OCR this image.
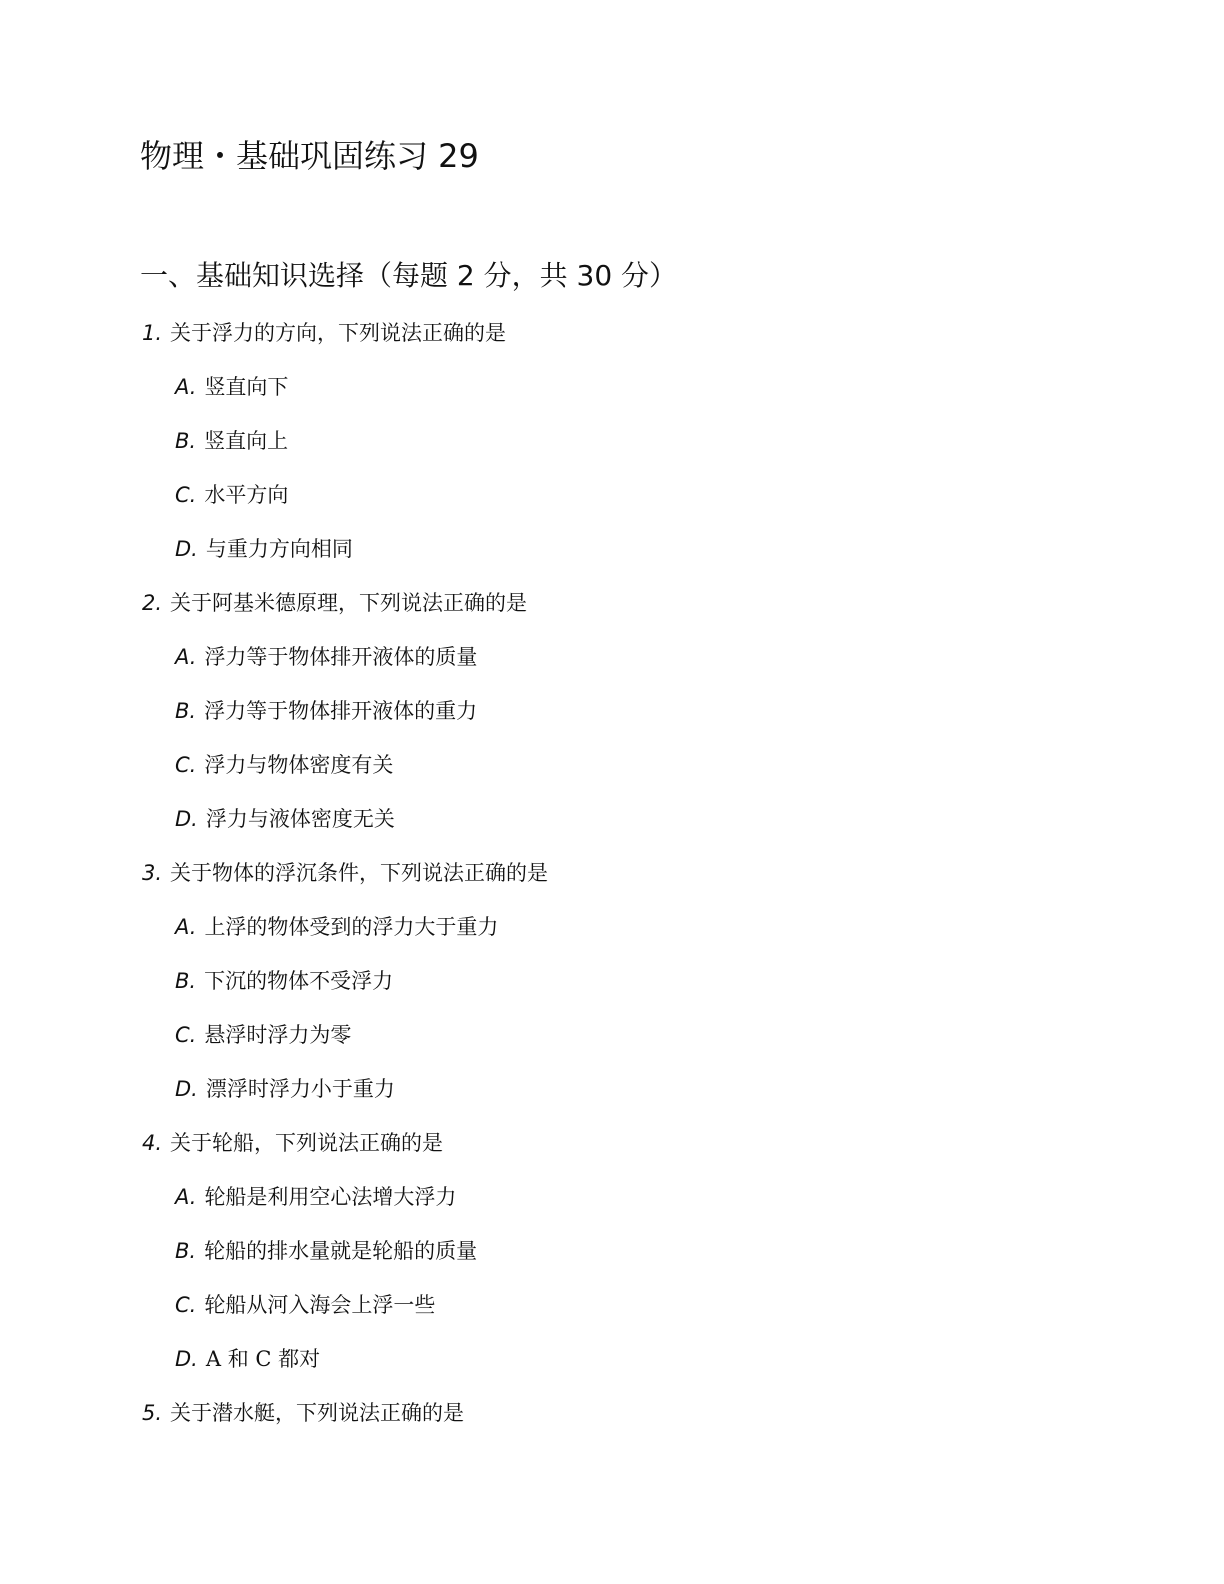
物理・基础巩固练习 29
一、基础知识选择（每题 2 分，共 30 分）
1. 关于浮力的方向，下列说法正确的是
A. 竖直向下
B. 竖直向上
C. 水平方向
D. 与重力方向相同
2. 关于阿基米德原理，下列说法正确的是
A. 浮力等于物体排开液体的质量
B. 浮力等于物体排开液体的重力
C. 浮力与物体密度有关
D. 浮力与液体密度无关
3. 关于物体的浮沉条件，下列说法正确的是
A. 上浮的物体受到的浮力大于重力
B. 下沉的物体不受浮力
C. 悬浮时浮力为零
D. 漂浮时浮力小于重力
4. 关于轮船，下列说法正确的是
A. 轮船是利用空心法增大浮力
B. 轮船的排水量就是轮船的质量
C. 轮船从河入海会上浮一些
D. A 和 C 都对
5. 关于潜水艇，下列说法正确的是
